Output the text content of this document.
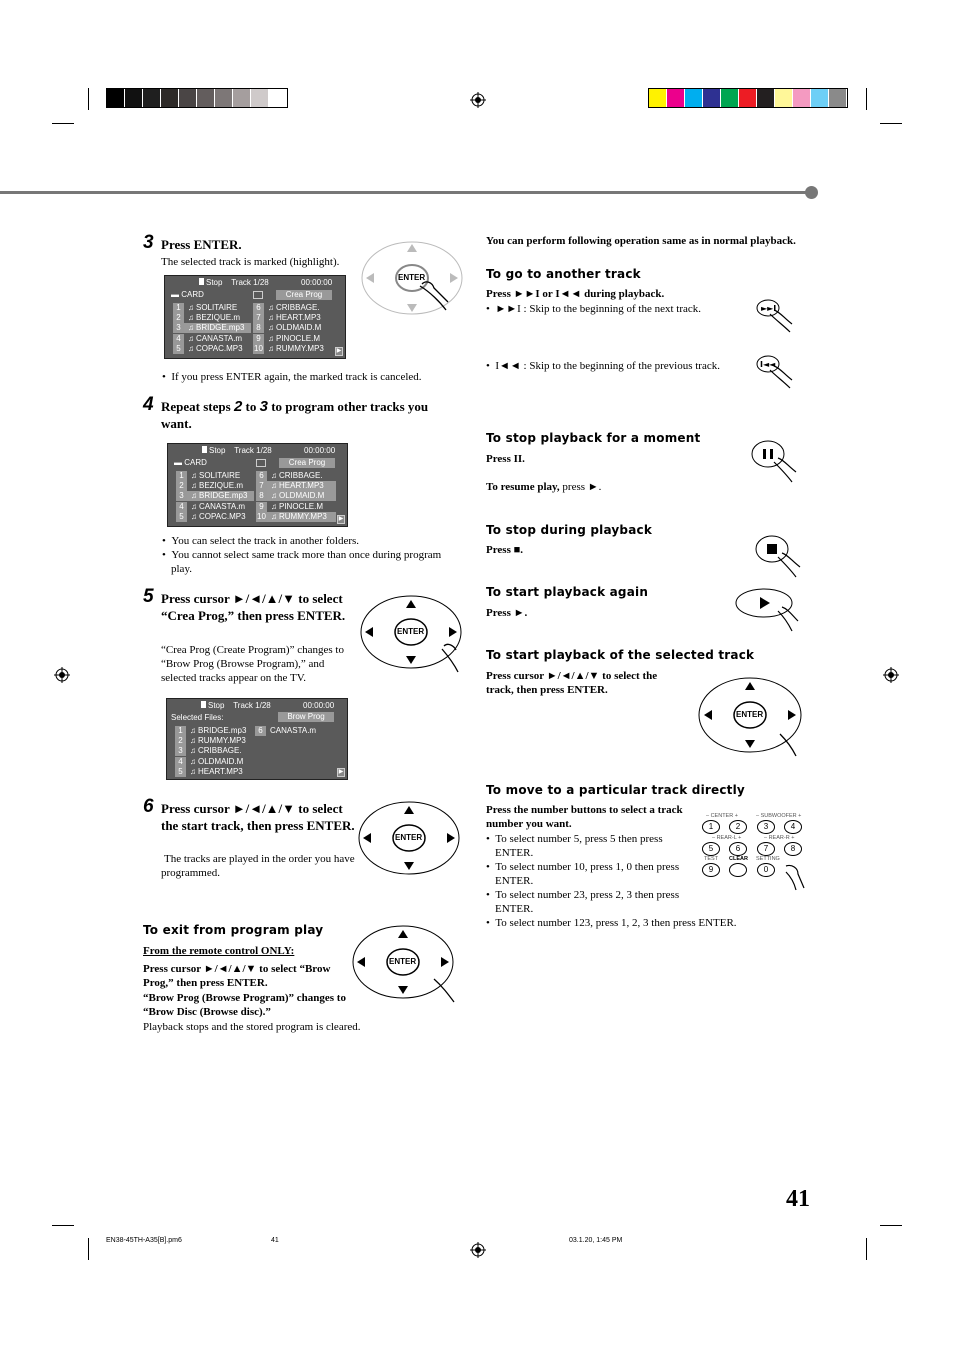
3 Press ENTER.
The selected track is marked (highlight).
Stop Track 1/28	00:00:00
▬ CARD	Crea Prog
1 ♫ SOLITAIRE	6 ♫ CRIBBAGE.
2 ♫ BEZIQUE.m	7 ♫ HEART.MP3
3 ♫ BRIDGE.mp3	8 ♫ OLDMAID.M
4 ♫ CANASTA.m	9 ♫ PINOCLE.M
5 ♫ COPAC.MP3	10 ♫ RUMMY.MP3	▶
ENTER
•  If you press ENTER again, the marked track is canceled.
4 Repeat steps 2 to 3 to program other tracks you want.
Stop Track 1/28	00:00:00
▬ CARD	Crea Prog
1 ♫ SOLITAIRE	6 ♫ CRIBBAGE.
2 ♫ BEZIQUE.m	7 ♫ HEART.MP3
3 ♫ BRIDGE.mp3	8 ♫ OLDMAID.M
4 ♫ CANASTA.m	9 ♫ PINOCLE.M
5 ♫ COPAC.MP3	10 ♫ RUMMY.MP3	▶
•  You can select the track in another folders.
•  You cannot select same track more than once during program play.
5 Press cursor ►/◄/▲/▼ to select “Crea Prog,” then press ENTER.
“Crea Prog (Create Program)” changes to “Brow Prog (Browse Program),” and selected tracks appear on the TV.
ENTER
Stop Track 1/28	00:00:00
Selected Files:	Brow Prog
1 ♫ BRIDGE.mp3
2 ♫ RUMMY.MP3
3 ♫ CRIBBAGE.
4 ♫ OLDMAID.M
5 ♫ HEART.MP3
6 CANASTA.m
▶
6 Press cursor ►/◄/▲/▼ to select the start track, then press ENTER.
The tracks are played in the order you have programmed.
ENTER
To exit from program play
From the remote control ONLY:
Press cursor ►/◄/▲/▼ to select “Brow Prog,” then press ENTER.
“Brow Prog (Browse Program)” changes to “Brow Disc (Browse disc).”
Playback stops and the stored program is cleared.
ENTER
You can perform following operation same as in normal playback.
To go to another track
Press ►►I or I◄◄ during playback.
•  ►►I : Skip to the beginning of the next track.
•  I◄◄ : Skip to the beginning of the previous track.
►►I
I◄◄
To stop playback for a moment
Press II.
To resume play, press ►.
To stop during playback
Press ■.
To start playback again
Press ►.
To start playback of the selected track
Press cursor ►/◄/▲/▼ to select the track, then press ENTER.
ENTER
To move to a particular track directly
Press the number buttons to select a track number you want.
•  To select number 5, press 5 then press ENTER.
•  To select number 10, press 1, 0 then press ENTER.
•  To select number 23, press 2, 3 then press ENTER.
•  To select number 123, press 1, 2, 3 then press ENTER.
– CENTER +	– SUBWOOFER +
1	2	3	4
– REAR-L +	– REAR-R +
5	6	7	8
TEST CLEAR SETTING
9	0
41
EN38-45TH-A35[B].pm6	41	03.1.20, 1:45 PM
